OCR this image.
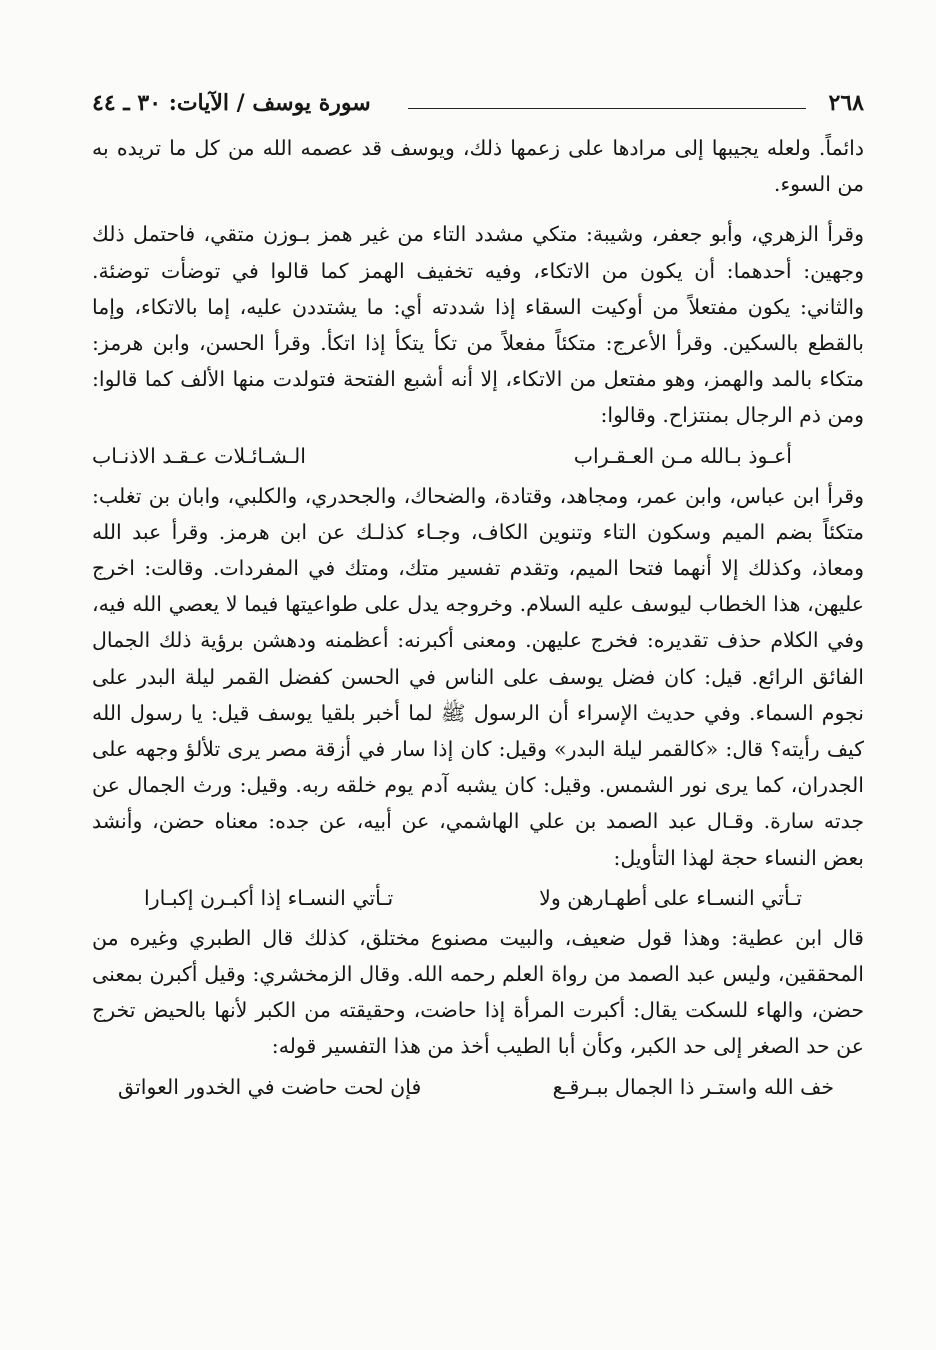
٢٦٨
سورة يوسف / الآيات: ٣٠ ـ ٤٤

دائماً. ولعله يجيبها إلى مرادها على زعمها ذلك، ويوسف قد عصمه الله من كل ما تريده به من السوء.

وقرأ الزهري، وأبو جعفر، وشيبة: متكي مشدد التاء من غير همز بـوزن متقي، فاحتمل ذلك وجهين: أحدهما: أن يكون من الاتكاء، وفيه تخفيف الهمز كما قالوا في توضأت توضئة. والثاني: يكون مفتعلاً من أوكيت السقاء إذا شددته أي: ما يشتددن عليه، إما بالاتكاء، وإما بالقطع بالسكين. وقرأ الأعرج: متكئاً مفعلاً من تكأ يتكأ إذا اتكأ. وقرأ الحسن، وابن هرمز: متكاء بالمد والهمز، وهو مفتعل من الاتكاء، إلا أنه أشبع الفتحة فتولدت منها الألف كما قالوا: ومن ذم الرجال بمنتزاح. وقالوا:

أعـوذ بـالله مـن العـقـراب
الـشـائـلات عـقـد الاذنـاب

وقرأ ابن عباس، وابن عمر، ومجاهد، وقتادة، والضحاك، والجحدري، والكلبي، وابان بن تغلب: متكئاً بضم الميم وسكون التاء وتنوين الكاف، وجـاء كذلـك عن ابن هرمز. وقرأ عبد الله ومعاذ، وكذلك إلا أنهما فتحا الميم، وتقدم تفسير متك، ومتك في المفردات. وقالت: اخرج عليهن، هذا الخطاب ليوسف عليه السلام. وخروجه يدل على طواعيتها فيما لا يعصي الله فيه، وفي الكلام حذف تقديره: فخرج عليهن. ومعنى أكبرنه: أعظمنه ودهشن برؤية ذلك الجمال الفائق الرائع. قيل: كان فضل يوسف على الناس في الحسن كفضل القمر ليلة البدر على نجوم السماء. وفي حديث الإسراء أن الرسول ﷺ لما أخبر بلقيا يوسف قيل: يا رسول الله كيف رأيته؟ قال: «كالقمر ليلة البدر» وقيل: كان إذا سار في أزقة مصر يرى تلألؤ وجهه على الجدران، كما يرى نور الشمس. وقيل: كان يشبه آدم يوم خلقه ربه. وقيل: ورث الجمال عن جدته سارة. وقـال عبد الصمد بن علي الهاشمي، عن أبيه، عن جده: معناه حضن، وأنشد بعض النساء حجة لهذا التأويل:

تـأتي النسـاء على أطهـارهن ولا
تـأتي النسـاء إذا أكبـرن إكبـارا

قال ابن عطية: وهذا قول ضعيف، والبيت مصنوع مختلق، كذلك قال الطبري وغيره من المحققين، وليس عبد الصمد من رواة العلم رحمه الله. وقال الزمخشري: وقيل أكبرن بمعنى حضن، والهاء للسكت يقال: أكبرت المرأة إذا حاضت، وحقيقته من الكبر لأنها بالحيض تخرج عن حد الصغر إلى حد الكبر، وكأن أبا الطيب أخذ من هذا التفسير قوله:

خف الله واستـر ذا الجمال ببـرقـع
فإن لحت حاضت في الخدور العواتق
